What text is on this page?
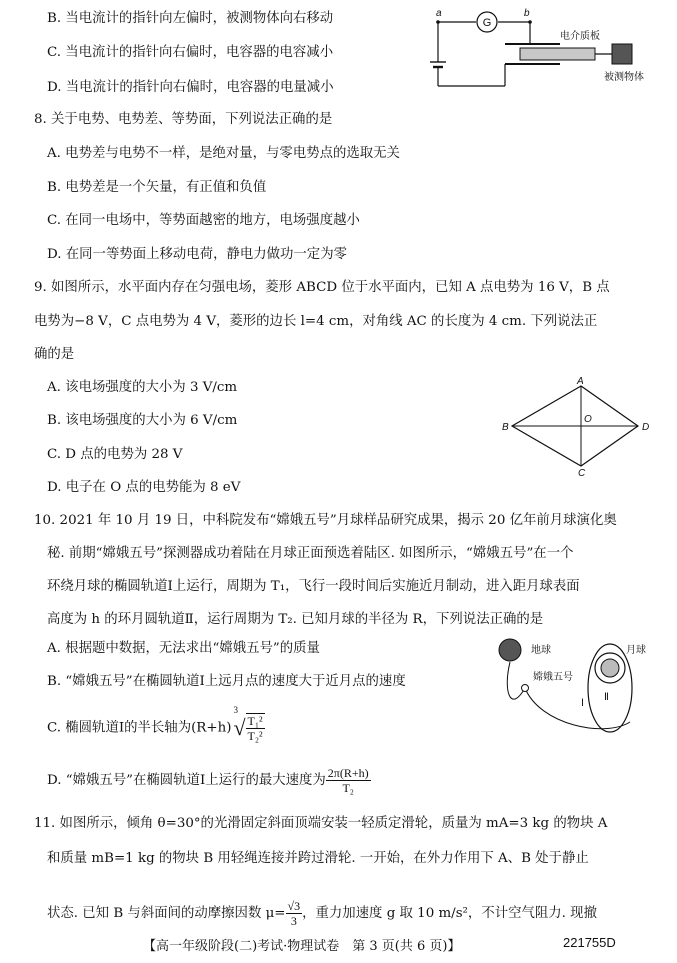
B. 当电流计的指针向左偏时，被测物体向右移动
C. 当电流计的指针向右偏时，电容器的电容减小
D. 当电流计的指针向右偏时，电容器的电量减小
G
a	b
电介质板
被测物体
8. 关于电势、电势差、等势面，下列说法正确的是
A. 电势差与电势不一样，是绝对量，与零电势点的选取无关
B. 电势差是一个矢量，有正值和负值
C. 在同一电场中，等势面越密的地方，电场强度越小
D. 在同一等势面上移动电荷，静电力做功一定为零
9. 如图所示，水平面内存在匀强电场，菱形 ABCD 位于水平面内，已知 A 点电势为 16 V，B 点
电势为−8 V，C 点电势为 4 V，菱形的边长 l=4 cm，对角线 AC 的长度为 4 cm. 下列说法正
确的是
A. 该电场强度的大小为 3 V/cm
B. 该电场强度的大小为 6 V/cm
C. D 点的电势为 28 V
D. 电子在 O 点的电势能为 8 eV
A
B
C
D
O
10. 2021 年 10 月 19 日，中科院发布“嫦娥五号”月球样品研究成果，揭示 20 亿年前月球演化奥
秘. 前期“嫦娥五号”探测器成功着陆在月球正面预选着陆区. 如图所示，“嫦娥五号”在一个
环绕月球的椭圆轨道Ⅰ上运行，周期为 T₁，飞行一段时间后实施近月制动，进入距月球表面
高度为 h 的环月圆轨道Ⅱ，运行周期为 T₂. 已知月球的半径为 R，下列说法正确的是
A. 根据题中数据，无法求出“嫦娥五号”的质量
B. “嫦娥五号”在椭圆轨道Ⅰ上远月点的速度大于近月点的速度
C. 椭圆轨道Ⅰ的半长轴为(R+h)
3
√ $\frac{\text{T₁²}}{\text{T₂²}}$
D. “嫦娥五号”在椭圆轨道Ⅰ上运行的最大速度为 $\frac{2\pi(R+h)}{\text{T₂}}$
地球	月球
嫦娥五号
Ⅰ
Ⅱ
11. 如图所示，倾角 θ=30°的光滑固定斜面顶端安装一轻质定滑轮，质量为 mA=3 kg 的物块 A
和质量 mB=1 kg 的物块 B 用轻绳连接并跨过滑轮. 一开始，在外力作用下 A、B 处于静止
状态. 已知 B 与斜面间的动摩擦因数 $\mu= \frac{√3}{3}$ ，重力加速度 g 取 10 m/s²，不计空气阻力. 现撤
【高一年级阶段(二)考试·物理试卷　第 3 页(共 6 页)】	221755D
